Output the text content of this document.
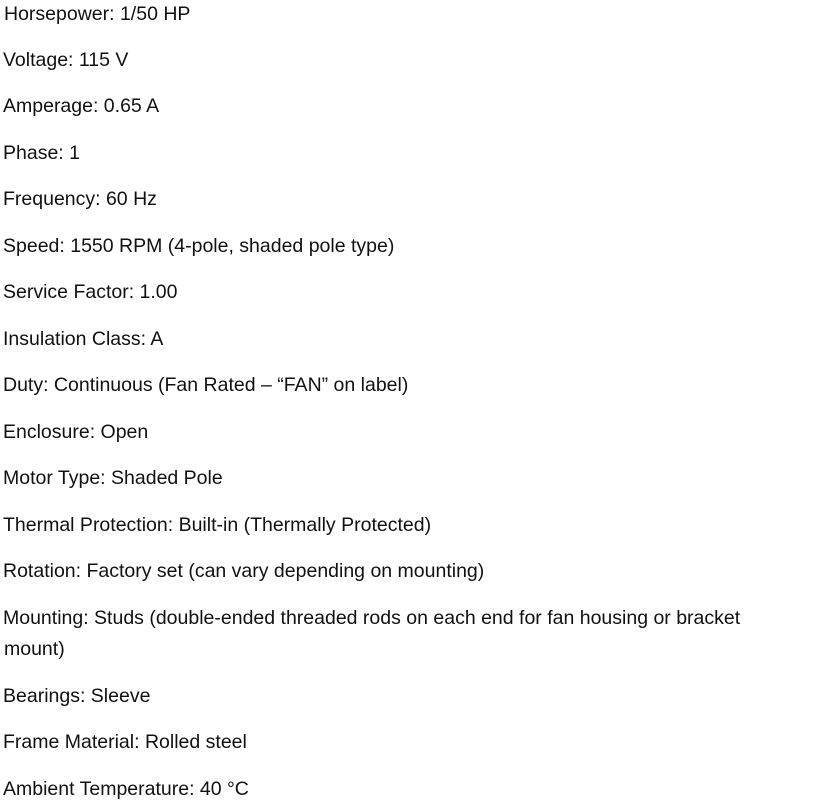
Horsepower: 1/50 HP
Voltage: 115 V
Amperage: 0.65 A
Phase: 1
Frequency: 60 Hz
Speed: 1550 RPM (4-pole, shaded pole type)
Service Factor: 1.00
Insulation Class: A
Duty: Continuous (Fan Rated – “FAN” on label)
Enclosure: Open
Motor Type: Shaded Pole
Thermal Protection: Built-in (Thermally Protected)
Rotation: Factory set (can vary depending on mounting)
Mounting: Studs (double-ended threaded rods on each end for fan housing or bracket
mount)
Bearings: Sleeve
Frame Material: Rolled steel
Ambient Temperature: 40 °C
